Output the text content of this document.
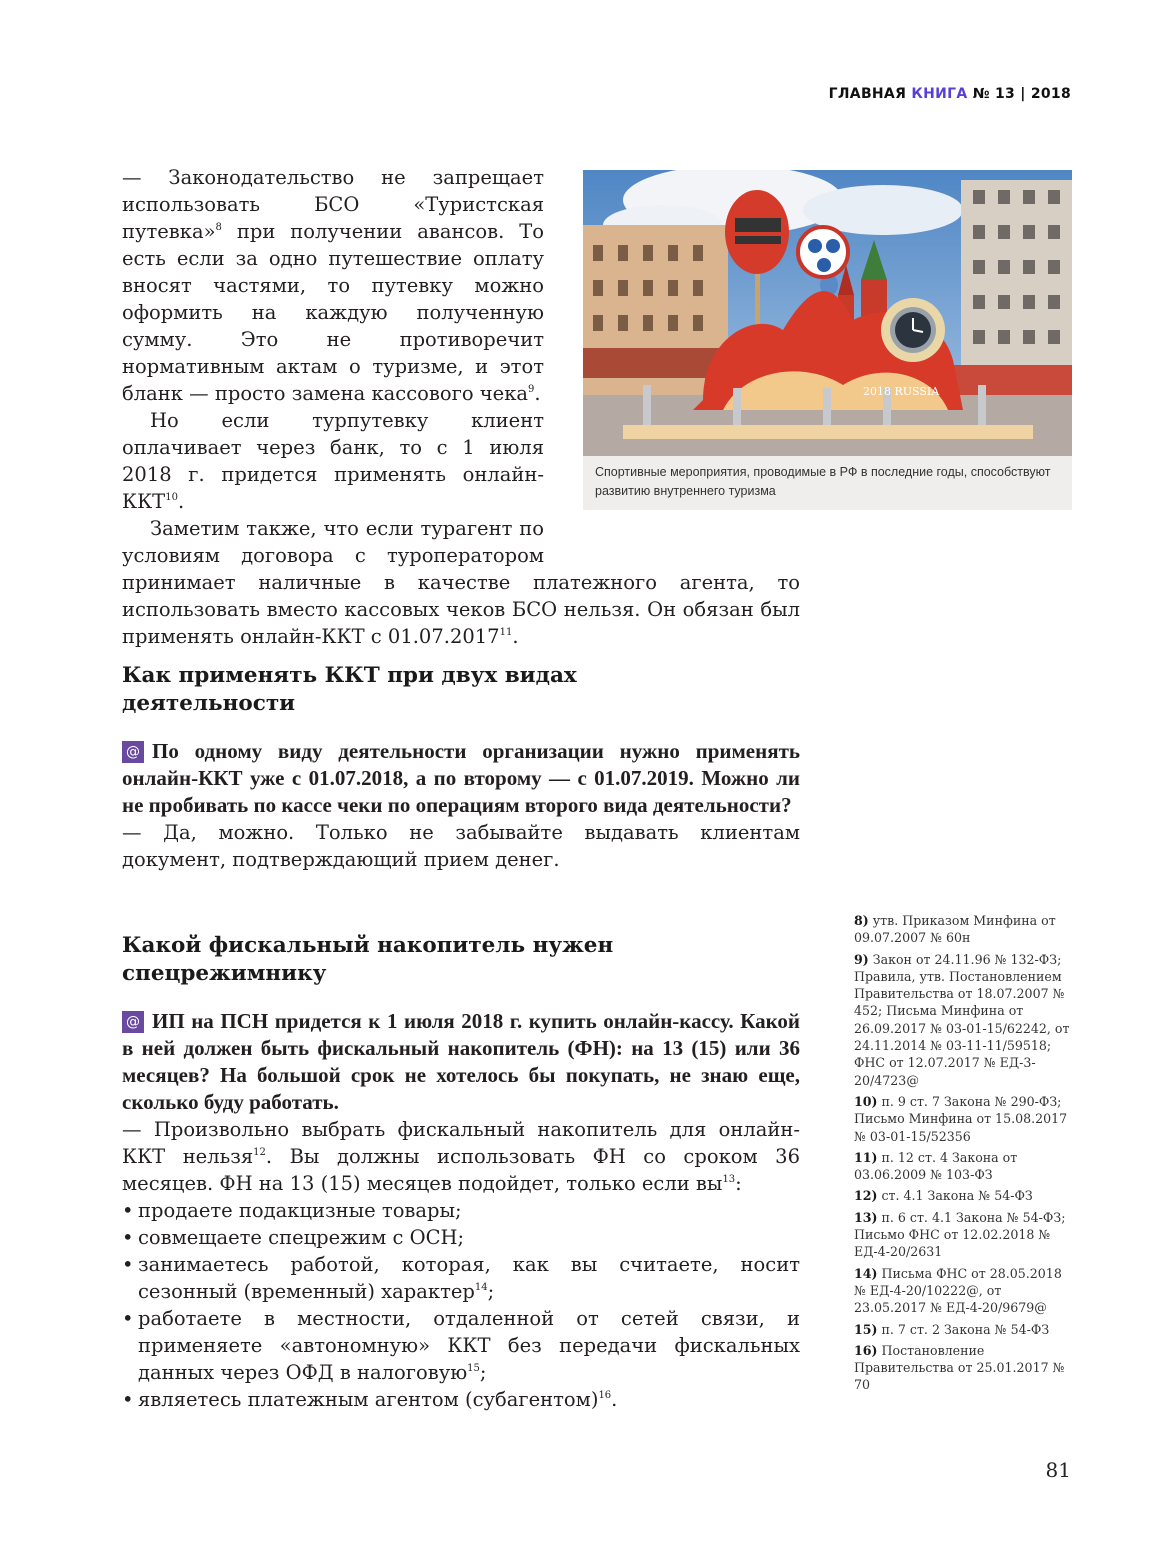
ГЛАВНАЯ КНИГА № 13 | 2018

— Законодательство не запрещает использовать БСО «Туристская путевка»$^8$ при получении авансов. То есть если за одно путешествие оплату вносят частями, то путевку можно оформить на каждую полученную сумму. Это не противоречит нормативным актам о туризме, и этот бланк — просто замена кассового чека$^9$.

Но если турпутевку клиент оплачивает через банк, то с 1 июля 2018 г. придется применять онлайн-ККТ$^{10}$.

Заметим также, что если турагент по условиям договора с туроператором принимает наличные в качестве платежного агента, то использовать вместо кассовых чеков БСО нельзя. Он обязан был применять онлайн-ККТ с 01.07.2017$^{11}$.

2018 RUSSIA
Спортивные мероприятия, проводимые в РФ в последние годы, способствуют развитию внутреннего туризма
Как применять ККТ при двух видах деятельности

@ По одному виду деятельности организации нужно применять онлайн-ККТ уже с 01.07.2018, а по второму — с 01.07.2019. Можно ли не пробивать по кассе чеки по операциям второго вида деятельности?

— Да, можно. Только не забывайте выдавать клиентам документ, подтверждающий прием денег.

Какой фискальный накопитель нужен спецрежимнику

@ ИП на ПСН придется к 1 июля 2018 г. купить онлайн-кассу. Какой в ней должен быть фискальный накопитель (ФН): на 13 (15) или 36 месяцев? На большой срок не хотелось бы покупать, не знаю еще, сколько буду работать.

— Произвольно выбрать фискальный накопитель для онлайн-ККТ нельзя$^{12}$. Вы должны использовать ФН со сроком 36 месяцев. ФН на 13 (15) месяцев подойдет, только если $вы^{13}$:

• продаете подакцизные товары;
• совмещаете спецрежим с ОСН;
• занимаетесь работой, которая, как вы считаете, носит сезонный (временный) характер$^{14}$;
• работаете в местности, отдаленной от сетей связи, и применяете «автономную» ККТ без передачи фискальных данных через ОФД в налоговую$^{15}$;
• являетесь платежным агентом (субагентом)$^{16}$.
8) утв. Приказом Минфина от 09.07.2007 № 60н
9) Закон от 24.11.96 № 132-ФЗ; Правила, утв. Постановлением Правительства от 18.07.2007 № 452; Письма Минфина от 26.09.2017 № 03-01-15/62242, от 24.11.2014 № 03-11-11/59518; ФНС от 12.07.2017 № ЕД-3-20/4723@
10) п. 9 ст. 7 Закона № 290-ФЗ; Письмо Минфина от 15.08.2017 № 03-01-15/52356
11) п. 12 ст. 4 Закона от 03.06.2009 № 103-ФЗ
12) ст. 4.1 Закона № 54-ФЗ
13) п. 6 ст. 4.1 Закона № 54-ФЗ; Письмо ФНС от 12.02.2018 № ЕД-4-20/2631
14) Письма ФНС от 28.05.2018 № ЕД-4-20/10222@, от 23.05.2017 № ЕД-4-20/9679@
15) п. 7 ст. 2 Закона № 54-ФЗ
16) Постановление Правительства от 25.01.2017 № 70
81
